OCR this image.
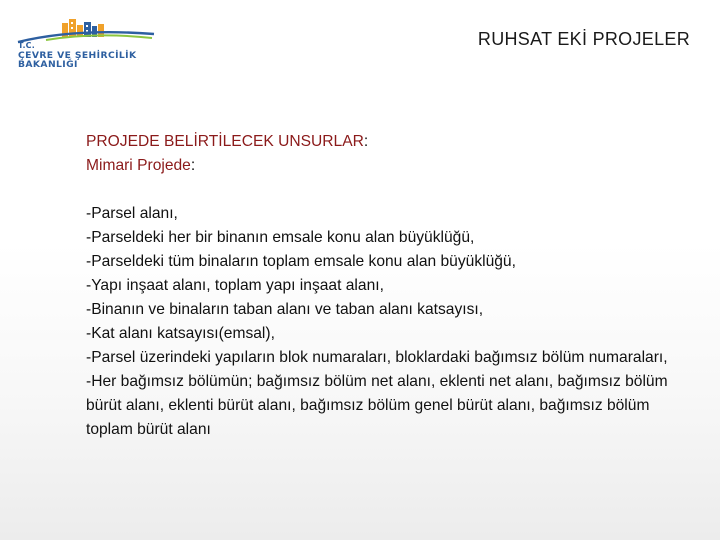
T.C.
ÇEVRE VE ŞEHİRCİLİK
BAKANLIĞI
RUHSAT EKİ PROJELER
PROJEDE BELİRTİLECEK UNSURLAR:
Mimari Projede:
-Parsel alanı,
-Parseldeki her bir binanın emsale konu alan büyüklüğü,
-Parseldeki tüm binaların toplam emsale konu alan büyüklüğü,
-Yapı inşaat alanı, toplam yapı inşaat alanı,
-Binanın ve binaların taban alanı ve taban alanı katsayısı,
-Kat alanı katsayısı(emsal),
-Parsel üzerindeki yapıların blok numaraları, bloklardaki bağımsız bölüm numaraları,
-Her bağımsız bölümün; bağımsız bölüm net alanı, eklenti net alanı, bağımsız bölüm bürüt alanı, eklenti bürüt alanı, bağımsız bölüm genel bürüt alanı, bağımsız bölüm toplam bürüt alanı
